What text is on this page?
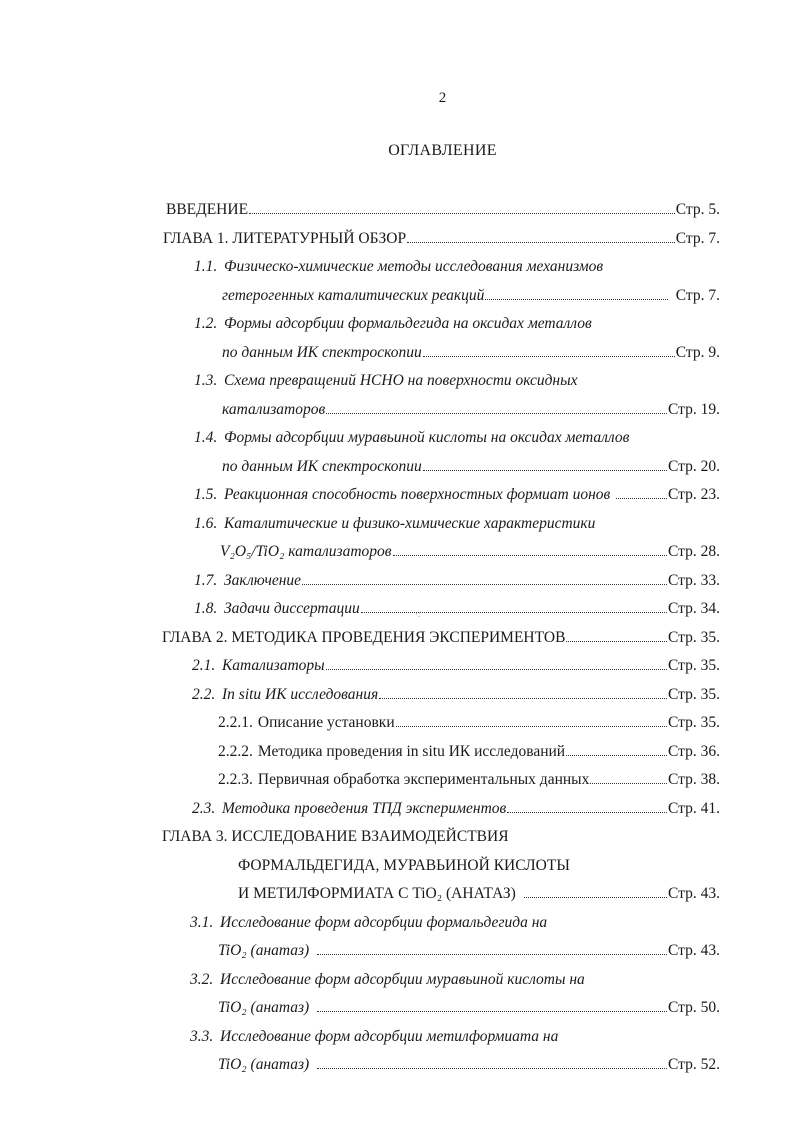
2
ОГЛАВЛЕНИЕ
ВВЕДЕНИЕ	Стр. 5.
ГЛАВА 1. ЛИТЕРАТУРНЫЙ ОБЗОР	Стр. 7.
1.1. Физическо-химические методы исследования механизмов
гетерогенных каталитических реакций	Стр. 7.
1.2. Формы адсорбции формальдегида на оксидах металлов
по данным ИК спектроскопии	Стр. 9.
1.3. Схема превращений HCHO на поверхности оксидных
катализаторов	Стр. 19.
1.4. Формы адсорбции муравьиной кислоты на оксидах металлов
по данным ИК спектроскопии	Стр. 20.
1.5. Реакционная способность поверхностных формиат ионов	Стр. 23.
1.6. Каталитические и физико-химические характеристики
V₂O₅/TiO₂ катализаторов	Стр. 28.
1.7. Заключение	Стр. 33.
1.8. Задачи диссертации	Стр. 34.
ГЛАВА 2. МЕТОДИКА ПРОВЕДЕНИЯ ЭКСПЕРИМЕНТОВ	Стр. 35.
2.1. Катализаторы	Стр. 35.
2.2. In situ ИК исследования	Стр. 35.
2.2.1. Описание установки	Стр. 35.
2.2.2. Методика проведения in situ ИК исследований	Стр. 36.
2.2.3. Первичная обработка экспериментальных данных	Стр. 38.
2.3. Методика проведения ТПД экспериментов	Стр. 41.
ГЛАВА 3. ИССЛЕДОВАНИЕ ВЗАИМОДЕЙСТВИЯ
ФОРМАЛЬДЕГИДА, МУРАВЬИНОЙ КИСЛОТЫ
И МЕТИЛФОРМИАТА С TiO₂ (АНАТАЗ)	Стр. 43.
3.1. Исследование форм адсорбции формальдегида на
TiO₂ (анатаз)	Стр. 43.
3.2. Исследование форм адсорбции муравьиной кислоты на
TiO₂ (анатаз)	Стр. 50.
3.3. Исследование форм адсорбции метилформиата на
TiO₂ (анатаз)	Стр. 52.
·:
